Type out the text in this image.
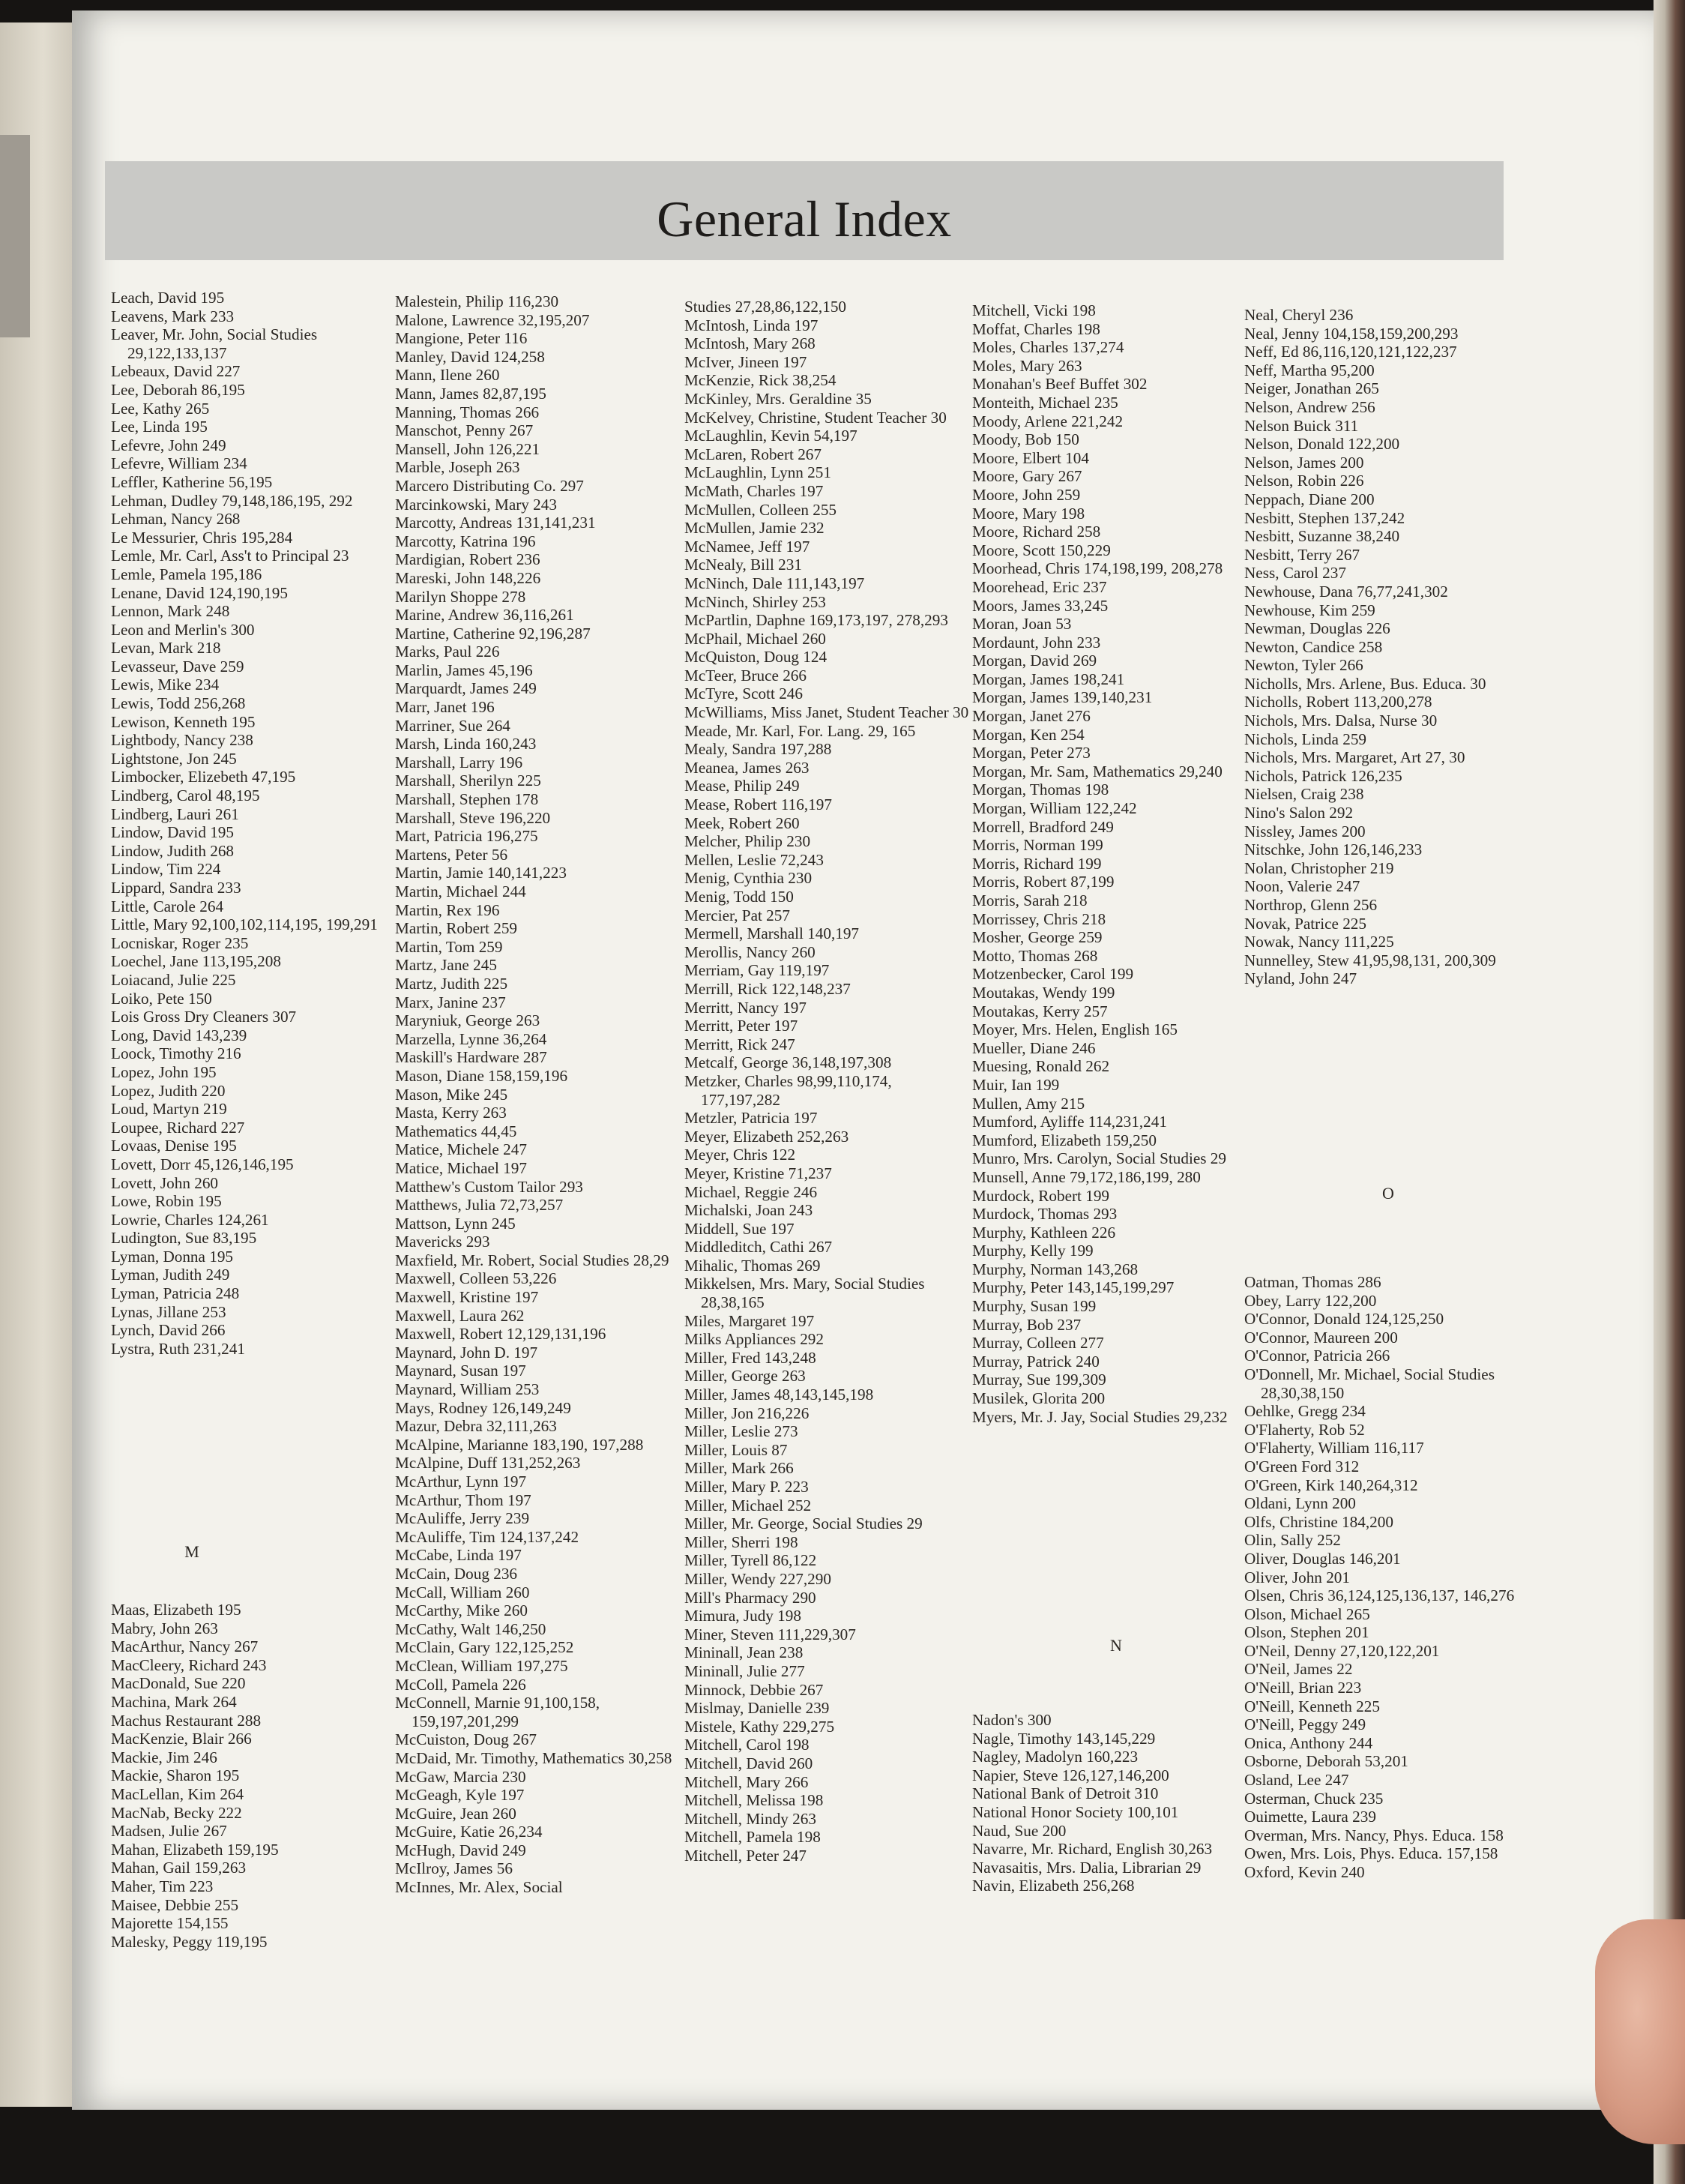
General Index
Leach, David 195
Leavens, Mark 233
Leaver, Mr. John, Social Studies 29,122,133,137
Lebeaux, David 227
Lee, Deborah 86,195
Lee, Kathy 265
Lee, Linda 195
Lefevre, John 249
Lefevre, William 234
Leffler, Katherine 56,195
Lehman, Dudley 79,148,186,195, 292
Lehman, Nancy 268
Le Messurier, Chris 195,284
Lemle, Mr. Carl, Ass't to Principal 23
Lemle, Pamela 195,186
Lenane, David 124,190,195
Lennon, Mark 248
Leon and Merlin's 300
Levan, Mark 218
Levasseur, Dave 259
Lewis, Mike 234
Lewis, Todd 256,268
Lewison, Kenneth 195
Lightbody, Nancy 238
Lightstone, Jon 245
Limbocker, Elizebeth 47,195
Lindberg, Carol 48,195
Lindberg, Lauri 261
Lindow, David 195
Lindow, Judith 268
Lindow, Tim 224
Lippard, Sandra 233
Little, Carole 264
Little, Mary 92,100,102,114,195, 199,291
Locniskar, Roger 235
Loechel, Jane 113,195,208
Loiacand, Julie 225
Loiko, Pete 150
Lois Gross Dry Cleaners 307
Long, David 143,239
Loock, Timothy 216
Lopez, John 195
Lopez, Judith 220
Loud, Martyn 219
Loupee, Richard 227
Lovaas, Denise 195
Lovett, Dorr 45,126,146,195
Lovett, John 260
Lowe, Robin 195
Lowrie, Charles 124,261
Ludington, Sue 83,195
Lyman, Donna 195
Lyman, Judith 249
Lyman, Patricia 248
Lynas, Jillane 253
Lynch, David 266
Lystra, Ruth 231,241
M
Maas, Elizabeth 195
Mabry, John 263
MacArthur, Nancy 267
MacCleery, Richard 243
MacDonald, Sue 220
Machina, Mark 264
Machus Restaurant 288
MacKenzie, Blair 266
Mackie, Jim 246
Mackie, Sharon 195
MacLellan, Kim 264
MacNab, Becky 222
Madsen, Julie 267
Mahan, Elizabeth 159,195
Mahan, Gail 159,263
Maher, Tim 223
Maisee, Debbie 255
Majorette 154,155
Malesky, Peggy 119,195
Malestein, Philip 116,230
Malone, Lawrence 32,195,207
Mangione, Peter 116
Manley, David 124,258
Mann, Ilene 260
Mann, James 82,87,195
Manning, Thomas 266
Manschot, Penny 267
Mansell, John 126,221
Marble, Joseph 263
Marcero Distributing Co. 297
Marcinkowski, Mary 243
Marcotty, Andreas 131,141,231
Marcotty, Katrina 196
Mardigian, Robert 236
Mareski, John 148,226
Marilyn Shoppe 278
Marine, Andrew 36,116,261
Martine, Catherine 92,196,287
Marks, Paul 226
Marlin, James 45,196
Marquardt, James 249
Marr, Janet 196
Marriner, Sue 264
Marsh, Linda 160,243
Marshall, Larry 196
Marshall, Sherilyn 225
Marshall, Stephen 178
Marshall, Steve 196,220
Mart, Patricia 196,275
Martens, Peter 56
Martin, Jamie 140,141,223
Martin, Michael 244
Martin, Rex 196
Martin, Robert 259
Martin, Tom 259
Martz, Jane 245
Martz, Judith 225
Marx, Janine 237
Maryniuk, George 263
Marzella, Lynne 36,264
Maskill's Hardware 287
Mason, Diane 158,159,196
Mason, Mike 245
Masta, Kerry 263
Mathematics 44,45
Matice, Michele 247
Matice, Michael 197
Matthew's Custom Tailor 293
Matthews, Julia 72,73,257
Mattson, Lynn 245
Mavericks 293
Maxfield, Mr. Robert, Social Studies 28,29
Maxwell, Colleen 53,226
Maxwell, Kristine 197
Maxwell, Laura 262
Maxwell, Robert 12,129,131,196
Maynard, John D. 197
Maynard, Susan 197
Maynard, William 253
Mays, Rodney 126,149,249
Mazur, Debra 32,111,263
McAlpine, Marianne 183,190, 197,288
McAlpine, Duff 131,252,263
McArthur, Lynn 197
McArthur, Thom 197
McAuliffe, Jerry 239
McAuliffe, Tim 124,137,242
McCabe, Linda 197
McCain, Doug 236
McCall, William 260
McCarthy, Mike 260
McCathy, Walt 146,250
McClain, Gary 122,125,252
McClean, William 197,275
McColl, Pamela 226
McConnell, Marnie 91,100,158, 159,197,201,299
McCuiston, Doug 267
McDaid, Mr. Timothy, Mathematics 30,258
McGaw, Marcia 230
McGeagh, Kyle 197
McGuire, Jean 260
McGuire, Katie 26,234
McHugh, David 249
McIlroy, James 56
McInnes, Mr. Alex, Social
Studies 27,28,86,122,150
McIntosh, Linda 197
McIntosh, Mary 268
McIver, Jineen 197
McKenzie, Rick 38,254
McKinley, Mrs. Geraldine 35
McKelvey, Christine, Student Teacher 30
McLaughlin, Kevin 54,197
McLaren, Robert 267
McLaughlin, Lynn 251
McMath, Charles 197
McMullen, Colleen 255
McMullen, Jamie 232
McNamee, Jeff 197
McNealy, Bill 231
McNinch, Dale 111,143,197
McNinch, Shirley 253
McPartlin, Daphne 169,173,197, 278,293
McPhail, Michael 260
McQuiston, Doug 124
McTeer, Bruce 266
McTyre, Scott 246
McWilliams, Miss Janet, Student Teacher 30
Meade, Mr. Karl, For. Lang. 29, 165
Mealy, Sandra 197,288
Meanea, James 263
Mease, Philip 249
Mease, Robert 116,197
Meek, Robert 260
Melcher, Philip 230
Mellen, Leslie 72,243
Menig, Cynthia 230
Menig, Todd 150
Mercier, Pat 257
Mermell, Marshall 140,197
Merollis, Nancy 260
Merriam, Gay 119,197
Merrill, Rick 122,148,237
Merritt, Nancy 197
Merritt, Peter 197
Merritt, Rick 247
Metcalf, George 36,148,197,308
Metzker, Charles 98,99,110,174, 177,197,282
Metzler, Patricia 197
Meyer, Elizabeth 252,263
Meyer, Chris 122
Meyer, Kristine 71,237
Michael, Reggie 246
Michalski, Joan 243
Middell, Sue 197
Middleditch, Cathi 267
Mihalic, Thomas 269
Mikkelsen, Mrs. Mary, Social Studies 28,38,165
Miles, Margaret 197
Milks Appliances 292
Miller, Fred 143,248
Miller, George 263
Miller, James 48,143,145,198
Miller, Jon 216,226
Miller, Leslie 273
Miller, Louis 87
Miller, Mark 266
Miller, Mary P. 223
Miller, Michael 252
Miller, Mr. George, Social Studies 29
Miller, Sherri 198
Miller, Tyrell 86,122
Miller, Wendy 227,290
Mill's Pharmacy 290
Mimura, Judy 198
Miner, Steven 111,229,307
Mininall, Jean 238
Mininall, Julie 277
Minnock, Debbie 267
Mislmay, Danielle 239
Mistele, Kathy 229,275
Mitchell, Carol 198
Mitchell, David 260
Mitchell, Mary 266
Mitchell, Melissa 198
Mitchell, Mindy 263
Mitchell, Pamela 198
Mitchell, Peter 247
Mitchell, Vicki 198
Moffat, Charles 198
Moles, Charles 137,274
Moles, Mary 263
Monahan's Beef Buffet 302
Monteith, Michael 235
Moody, Arlene 221,242
Moody, Bob 150
Moore, Elbert 104
Moore, Gary 267
Moore, John 259
Moore, Mary 198
Moore, Richard 258
Moore, Scott 150,229
Moorhead, Chris 174,198,199, 208,278
Moorehead, Eric 237
Moors, James 33,245
Moran, Joan 53
Mordaunt, John 233
Morgan, David 269
Morgan, James 198,241
Morgan, James 139,140,231
Morgan, Janet 276
Morgan, Ken 254
Morgan, Peter 273
Morgan, Mr. Sam, Mathematics 29,240
Morgan, Thomas 198
Morgan, William 122,242
Morrell, Bradford 249
Morris, Norman 199
Morris, Richard 199
Morris, Robert 87,199
Morris, Sarah 218
Morrissey, Chris 218
Mosher, George 259
Motto, Thomas 268
Motzenbecker, Carol 199
Moutakas, Wendy 199
Moutakas, Kerry 257
Moyer, Mrs. Helen, English 165
Mueller, Diane 246
Muesing, Ronald 262
Muir, Ian 199
Mullen, Amy 215
Mumford, Ayliffe 114,231,241
Mumford, Elizabeth 159,250
Munro, Mrs. Carolyn, Social Studies 29
Munsell, Anne 79,172,186,199, 280
Murdock, Robert 199
Murdock, Thomas 293
Murphy, Kathleen 226
Murphy, Kelly 199
Murphy, Norman 143,268
Murphy, Peter 143,145,199,297
Murphy, Susan 199
Murray, Bob 237
Murray, Colleen 277
Murray, Patrick 240
Murray, Sue 199,309
Musilek, Glorita 200
Myers, Mr. J. Jay, Social Studies 29,232
N
Nadon's 300
Nagle, Timothy 143,145,229
Nagley, Madolyn 160,223
Napier, Steve 126,127,146,200
National Bank of Detroit 310
National Honor Society 100,101
Naud, Sue 200
Navarre, Mr. Richard, English 30,263
Navasaitis, Mrs. Dalia, Librarian 29
Navin, Elizabeth 256,268
Neal, Cheryl 236
Neal, Jenny 104,158,159,200,293
Neff, Ed 86,116,120,121,122,237
Neff, Martha 95,200
Neiger, Jonathan 265
Nelson, Andrew 256
Nelson Buick 311
Nelson, Donald 122,200
Nelson, James 200
Nelson, Robin 226
Neppach, Diane 200
Nesbitt, Stephen 137,242
Nesbitt, Suzanne 38,240
Nesbitt, Terry 267
Ness, Carol 237
Newhouse, Dana 76,77,241,302
Newhouse, Kim 259
Newman, Douglas 226
Newton, Candice 258
Newton, Tyler 266
Nicholls, Mrs. Arlene, Bus. Educa. 30
Nicholls, Robert 113,200,278
Nichols, Mrs. Dalsa, Nurse 30
Nichols, Linda 259
Nichols, Mrs. Margaret, Art 27, 30
Nichols, Patrick 126,235
Nielsen, Craig 238
Nino's Salon 292
Nissley, James 200
Nitschke, John 126,146,233
Nolan, Christopher 219
Noon, Valerie 247
Northrop, Glenn 256
Novak, Patrice 225
Nowak, Nancy 111,225
Nunnelley, Stew 41,95,98,131, 200,309
Nyland, John 247
O
Oatman, Thomas 286
Obey, Larry 122,200
O'Connor, Donald 124,125,250
O'Connor, Maureen 200
O'Connor, Patricia 266
O'Donnell, Mr. Michael, Social Studies 28,30,38,150
Oehlke, Gregg 234
O'Flaherty, Rob 52
O'Flaherty, William 116,117
O'Green Ford 312
O'Green, Kirk 140,264,312
Oldani, Lynn 200
Olfs, Christine 184,200
Olin, Sally 252
Oliver, Douglas 146,201
Oliver, John 201
Olsen, Chris 36,124,125,136,137, 146,276
Olson, Michael 265
Olson, Stephen 201
O'Neil, Denny 27,120,122,201
O'Neil, James 22
O'Neill, Brian 223
O'Neill, Kenneth 225
O'Neill, Peggy 249
Onica, Anthony 244
Osborne, Deborah 53,201
Osland, Lee 247
Osterman, Chuck 235
Ouimette, Laura 239
Overman, Mrs. Nancy, Phys. Educa. 158
Owen, Mrs. Lois, Phys. Educa. 157,158
Oxford, Kevin 240
